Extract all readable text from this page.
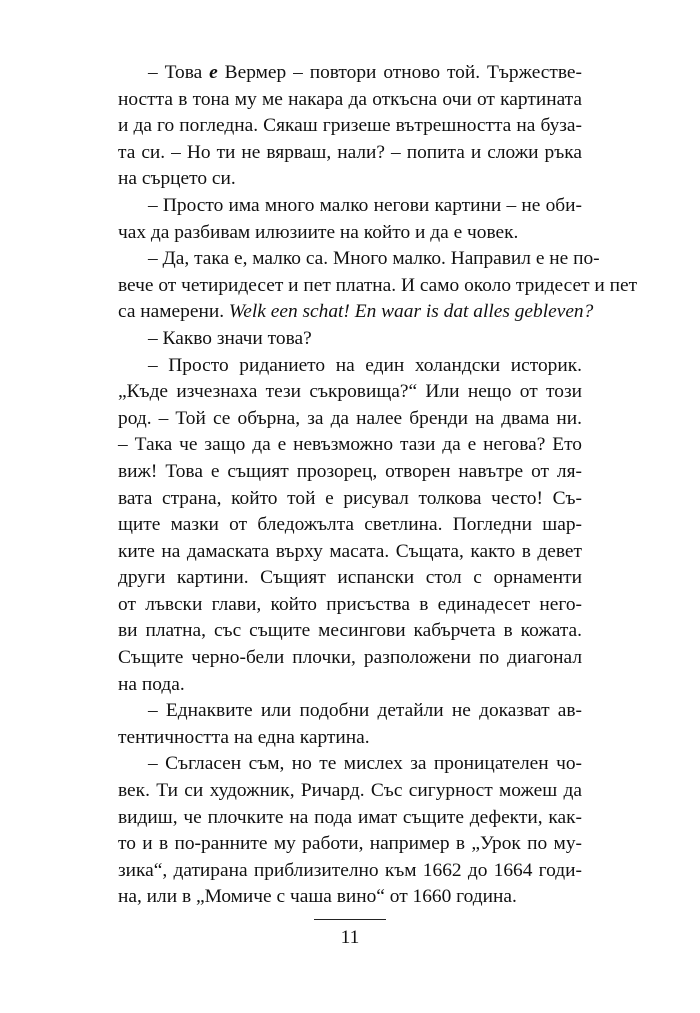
– Това е Вермер – повтори отново той. Тържестве-
ността в тона му ме накара да откъсна очи от картината
и да го погледна. Сякаш гризеше вътрешността на буза-
та си. – Но ти не вярваш, нали? – попита и сложи ръка
на сърцето си.
– Просто има много малко негови картини – не оби-
чах да разбивам илюзиите на който и да е човек.
– Да, така е, малко са. Много малко. Направил е не по-
вече от четиридесет и пет платна. И само около тридесет и пет
са намерени. Welk een schat! En waar is dat alles gebleven?
– Какво значи това?
– Просто риданието на един холандски историк.
„Къде изчезнаха тези съкровища?“ Или нещо от този
род. – Той се обърна, за да налее бренди на двама ни.
– Така че защо да е невъзможно тази да е негова? Ето
виж! Това е същият прозорец, отворен навътре от ля-
вата страна, който той е рисувал толкова често! Съ-
щите мазки от бледожълта светлина. Погледни шар-
ките на дамаската върху масата. Същата, както в девет
други картини. Същият испански стол с орнаменти
от лъвски глави, който присъства в единадесет него-
ви платна, със същите месингови кабърчета в кожата.
Същите черно-бели плочки, разположени по диагонал
на пода.
– Еднаквите или подобни детайли не доказват ав-
тентичността на една картина.
– Съгласен съм, но те мислех за проницателен чо-
век. Ти си художник, Ричард. Със сигурност можеш да
видиш, че плочките на пода имат същите дефекти, как-
то и в по-ранните му работи, например в „Урок по му-
зика“, датирана приблизително към 1662 до 1664 годи-
на, или в „Момиче с чаша вино“ от 1660 година.
11
